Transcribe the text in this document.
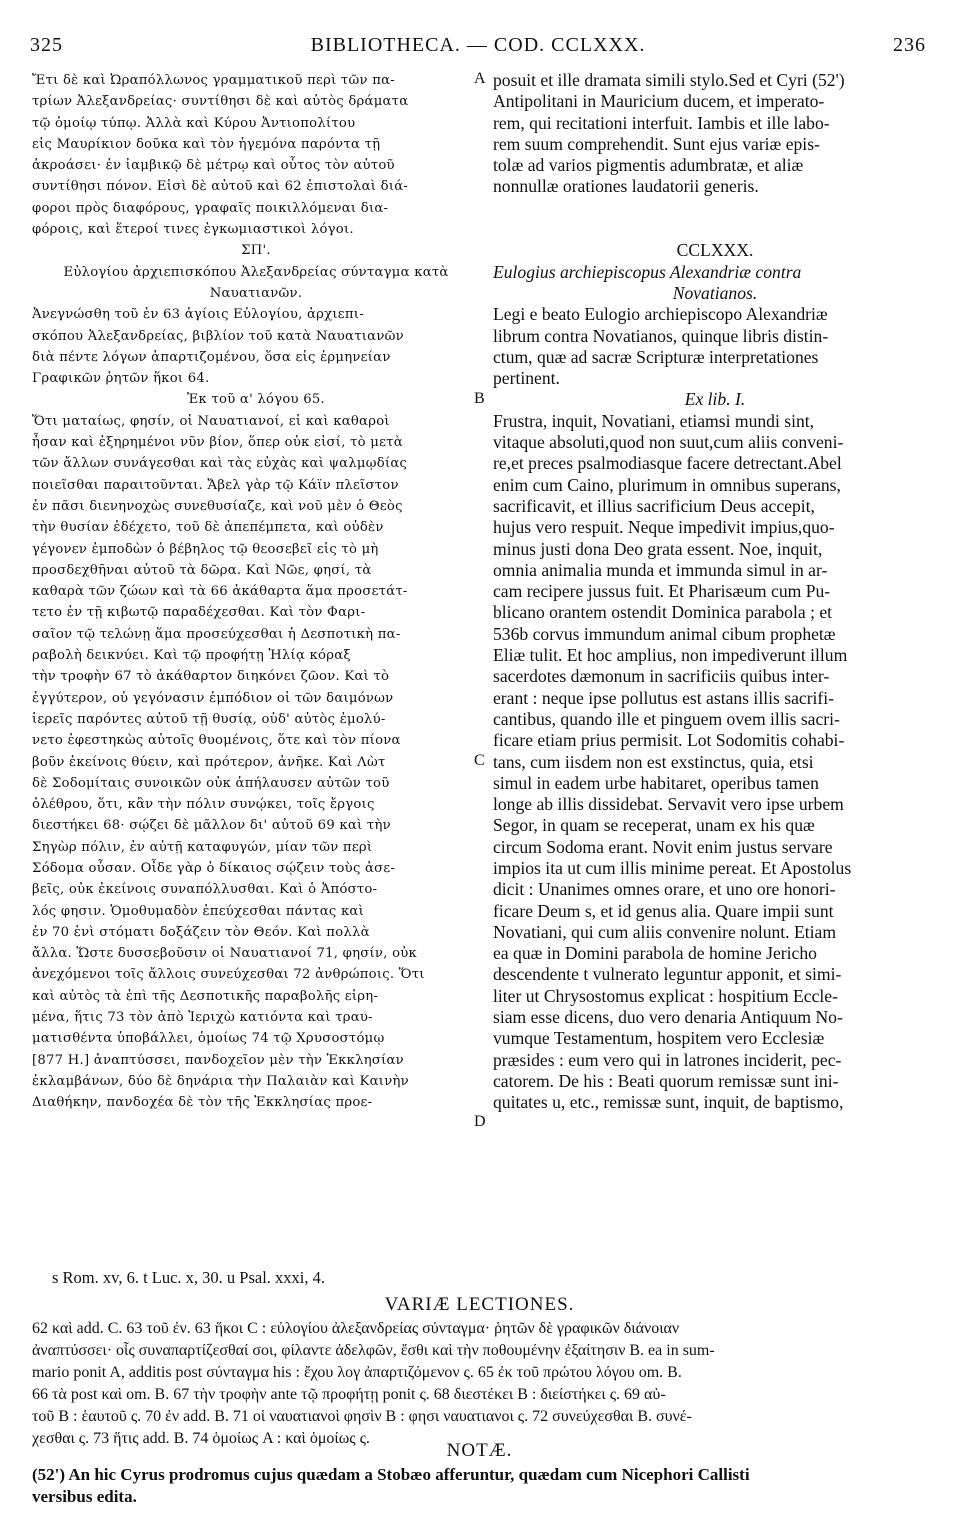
325	BIBLIOTHECA. — COD. CCLXXX.	236
Ἔτι δὲ καὶ Ὠραπόλλωνος γραμματικοῦ περὶ τῶν πα-
τρίων Ἀλεξανδρείας· συντίθησι δὲ καὶ αὐτὸς δράματα
τῷ ὁμοίῳ τύπῳ. Ἀλλὰ καὶ Κύρου Ἀντιοπολίτου
εἰς Μαυρίκιον δοῦκα καὶ τὸν ἡγεμόνα παρόντα τῇ
ἀκροάσει· ἐν ἰαμβικῷ δὲ μέτρῳ καὶ οὗτος τὸν αὐτοῦ
συντίθησι πόνον. Εἰσὶ δὲ αὐτοῦ καὶ 62 ἐπιστολαὶ διά-
φοροι πρὸς διαφόρους, γραφαῖς ποικιλλόμεναι δια-
φόροις, καὶ ἕτεροί τινες ἐγκωμιαστικοὶ λόγοι.
ΣΠ'.
Εὐλογίου ἀρχιεπισκόπου Ἀλεξανδρείας σύνταγμα κατὰ
Ναυατιανῶν.
Ἀνεγνώσθη τοῦ ἐν 63 ἁγίοις Εὐλογίου, ἀρχιεπι-
σκόπου Ἀλεξανδρείας, βιβλίον τοῦ κατὰ Ναυατιανῶν
διὰ πέντε λόγων ἀπαρτιζομένου, ὅσα εἰς ἑρμηνείαν
Γραφικῶν ῥητῶν ἥκοι 64.
Ἐκ τοῦ α' λόγου 65.
Ὅτι ματαίως, φησίν, οἱ Ναυατιανοί, εἰ καὶ καθαροὶ
ἦσαν καὶ ἐξηρημένοι νῦν βίον, ὅπερ οὐκ εἰσί, τὸ μετὰ
τῶν ἄλλων συνάγεσθαι καὶ τὰς εὐχὰς καὶ ψαλμῳδίας
ποιεῖσθαι παραιτοῦνται. Ἄβελ γὰρ τῷ Κάϊν πλεῖστον
ἐν πᾶσι διενηνοχὼς συνεθυσίαζε, καὶ νοῦ μὲν ὁ Θεὸς
τὴν θυσίαν ἐδέχετο, τοῦ δὲ ἀπεπέμπετα, καὶ οὐδὲν
γέγονεν ἐμποδὼν ὁ βέβηλος τῷ θεοσεβεῖ εἰς τὸ μὴ
προσδεχθῆναι αὐτοῦ τὰ δῶρα. Καὶ Νῶε, φησί, τὰ
καθαρὰ τῶν ζώων καὶ τὰ 66 ἀκάθαρτα ἅμα προσετάτ-
τετο ἐν τῇ κιβωτῷ παραδέχεσθαι. Καὶ τὸν Φαρι-
σαῖον τῷ τελώνῃ ἅμα προσεύχεσθαι ἡ Δεσποτικὴ πα-
ραβολὴ δεικνύει. Καὶ τῷ προφήτῃ Ἠλίᾳ κόραξ
τὴν τροφὴν 67 τὸ ἀκάθαρτον διηκόνει ζῶον. Καὶ τὸ
ἐγγύτερον, οὐ γεγόνασιν ἐμπόδιον οἱ τῶν δαιμόνων
ἱερεῖς παρόντες αὐτοῦ τῇ θυσίᾳ, οὐδ' αὐτὸς ἐμολύ-
νετο ἐφεστηκὼς αὐτοῖς θυομένοις, ὅτε καὶ τὸν πίονα
βοῦν ἐκείνοις θύειν, καὶ πρότερον, ἀνῆκε. Καὶ Λὼτ
δὲ Σοδομίταις συνοικῶν οὐκ ἀπήλαυσεν αὐτῶν τοῦ
ὀλέθρου, ὅτι, κἂν τὴν πόλιν συνῴκει, τοῖς ἔργοις
διεστήκει 68· σῴζει δὲ μᾶλλον δι' αὐτοῦ 69 καὶ τὴν
Σηγὼρ πόλιν, ἐν αὐτῇ καταφυγών, μίαν τῶν περὶ
Σόδομα οὖσαν. Οἶδε γὰρ ὁ δίκαιος σῴζειν τοὺς ἀσε-
βεῖς, οὐκ ἐκείνοις συναπόλλυσθαι. Καὶ ὁ Ἀπόστο-
λός φησιν. Ὁμοθυμαδὸν ἐπεύχεσθαι πάντας καὶ
ἐν 70 ἑνὶ στόματι δοξάζειν τὸν Θεόν. Καὶ πολλὰ
ἄλλα. Ὥστε δυσσεβοῦσιν οἱ Ναυατιανοί 71, φησίν, οὐκ
ἀνεχόμενοι τοῖς ἄλλοις συνεύχεσθαι 72 ἀνθρώποις. Ὅτι
καὶ αὐτὸς τὰ ἐπὶ τῆς Δεσποτικῆς παραβολῆς εἰρη-
μένα, ἥτις 73 τὸν ἀπὸ Ἱεριχὼ κατιόντα καὶ τραυ-
ματισθέντα ὑποβάλλει, ὁμοίως 74 τῷ Χρυσοστόμῳ
[877 H.] ἀναπτύσσει, πανδοχεῖον μὲν τὴν Ἐκκλησίαν
ἐκλαμβάνων, δύο δὲ δηνάρια τὴν Παλαιὰν καὶ Καινὴν
Διαθήκην, πανδοχέα δὲ τὸν τῆς Ἐκκλησίας προε-
posuit et ille dramata simili stylo.Sed et Cyri (52')
Antipolitani in Mauricium ducem, et imperato-
rem, qui recitationi interfuit. Iambis et ille labo-
rem suum comprehendit. Sunt ejus variæ epis-
tolæ ad varios pigmentis adumbratæ, et aliæ
nonnullæ orationes laudatorii generis.
CCLXXX.
Eulogius archiepiscopus Alexandriæ contra
Novatianos.
Legi e beato Eulogio archiepiscopo Alexandriæ
librum contra Novatianos, quinque libris distin-
ctum, quæ ad sacræ Scripturæ interpretationes
pertinent.
Ex lib. I.
Frustra, inquit, Novatiani, etiamsi mundi sint,
vitaque absoluti,quod non suut,cum aliis conveni-
re,et preces psalmodiasque facere detrectant.Abel
enim cum Caino, plurimum in omnibus superans,
sacrificavit, et illius sacrificium Deus accepit,
hujus vero respuit. Neque impedivit impius,quo-
minus justi dona Deo grata essent. Noe, inquit,
omnia animalia munda et immunda simul in ar-
cam recipere jussus fuit. Et Pharisæum cum Pu-
blicano orantem ostendit Dominica parabola ; et
536b corvus immundum animal cibum prophetæ
Eliæ tulit. Et hoc amplius, non impediverunt illum
sacerdotes dæmonum in sacrificiis quibus inter-
erant : neque ipse pollutus est astans illis sacrifi-
cantibus, quando ille et pinguem ovem illis sacri-
ficare etiam prius permisit. Lot Sodomitis cohabi-
tans, cum iisdem non est exstinctus, quia, etsi
simul in eadem urbe habitaret, operibus tamen
longe ab illis dissidebat. Servavit vero ipse urbem
Segor, in quam se receperat, unam ex his quæ
circum Sodoma erant. Novit enim justus servare
impios ita ut cum illis minime pereat. Et Apostolus
dicit : Unanimes omnes orare, et uno ore honori-
ficare Deum s, et id genus alia. Quare impii sunt
Novatiani, qui cum aliis convenire nolunt. Etiam
ea quæ in Domini parabola de homine Jericho
descendente t vulnerato leguntur apponit, et simi-
liter ut Chrysostomus explicat : hospitium Eccle-
siam esse dicens, duo vero denaria Antiquum No-
vumque Testamentum, hospitem vero Ecclesiæ
præsides : eum vero qui in latrones inciderit, pec-
catorem. De his : Beati quorum remissæ sunt ini-
quitates u, etc., remissæ sunt, inquit, de baptismo,
A
B
C
D
s Rom. xv, 6. t Luc. x, 30. u Psal. xxxi, 4.
VARIÆ LECTIONES.
62 καὶ add. C. 63 τοῦ ἐν. 63 ἥκοι C : εὐλογίου ἀλεξανδρείας σύνταγμα· ῥητῶν δὲ γραφικῶν διάνοιαν
ἀναπτύσσει· οἷς συναπαρτίζεσθαί σοι, φίλαντε ἀδελφῶν, ἔσθι καὶ τὴν ποθουμένην ἐξαίτησιν B. ea in sum-
mario ponit A, additis post σύνταγμα his : ἔχου λογ ἀπαρτιζόμενον ς. 65 ἐκ τοῦ πρώτου λόγου om. B.
66 τὰ post καὶ om. B. 67 τὴν τροφὴν ante τῷ προφήτῃ ponit ς. 68 διεστέκει B : διείστήκει ς. 69 αὐ-
τοῦ B : ἑαυτοῦ ς. 70 ἐν add. B. 71 οἱ ναυατιανοὶ φησὶν B : φησι ναυατιανοι ς. 72 συνεύχεσθαι B. συνέ-
χεσθαι ς. 73 ἥτις add. B. 74 ὁμοίως A : καὶ ὁμοίως ς.
NOTÆ.
(52') An hic Cyrus prodromus cujus quædam a Stobæo afferuntur, quædam cum Nicephori Callisti
versibus edita.
